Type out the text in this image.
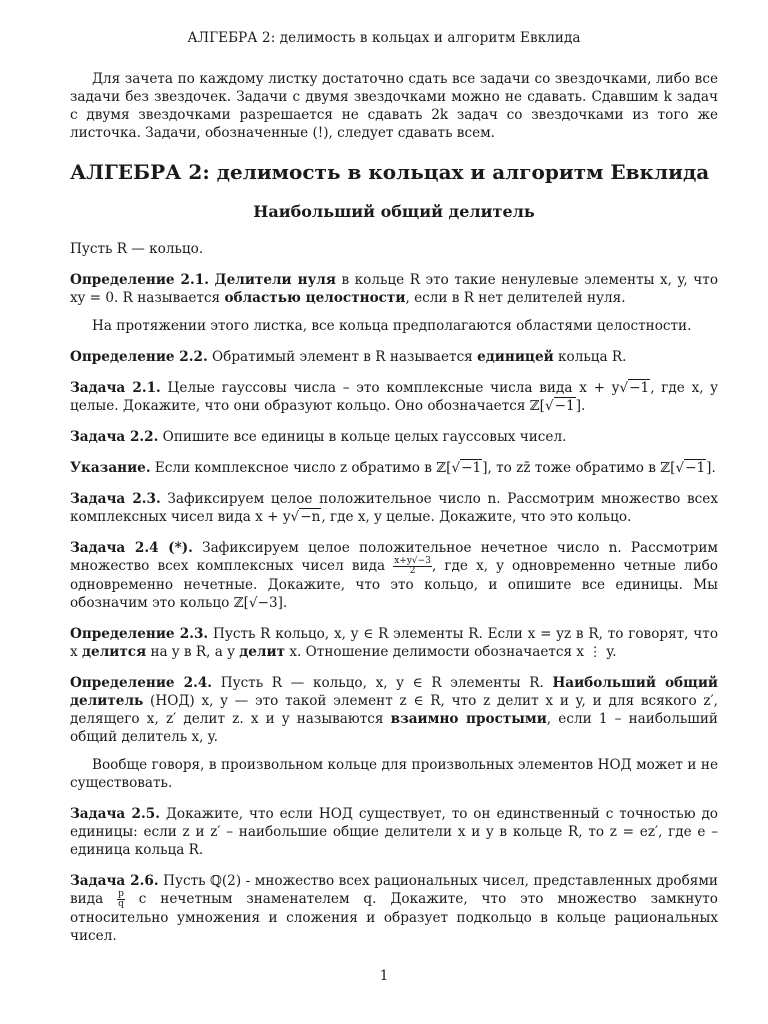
АЛГЕБРА 2: делимость в кольцах и алгоритм Евклида

Для зачета по каждому листку достаточно сдать все задачи со звездочками, либо все задачи без звездочек. Задачи с двумя звездочками можно не сдавать. Сдавшим k задач с двумя звездочками разрешается не сдавать 2k задач со звездочками из того же листочка. Задачи, обозначенные (!), следует сдавать всем.

АЛГЕБРА 2: делимость в кольцах и алгоритм Евклида
Наибольший общий делитель

Пусть R — кольцо.

Определение 2.1. Делители нуля в кольце R это такие ненулевые элементы x, y, что xy = 0. R называется областью целостности, если в R нет делителей нуля.

На протяжении этого листка, все кольца предполагаются областями целостности.

Определение 2.2. Обратимый элемент в R называется единицей кольца R.

Задача 2.1. Целые гауссовы числа – это комплексные числа вида x + y√−1, где x, y целые. Докажите, что они образуют кольцо. Оно обозначается ℤ[√−1].

Задача 2.2. Опишите все единицы в кольце целых гауссовых чисел.

Указание. Если комплексное число z обратимо в ℤ[√−1], то zz̄ тоже обратимо в ℤ[√−1].

Задача 2.3. Зафиксируем целое положительное число n. Рассмотрим множество всех комплексных чисел вида x + y√−n, где x, y целые. Докажите, что это кольцо.

Задача 2.4 (*). Зафиксируем целое положительное нечетное число n. Рассмотрим множество всех комплексных чисел вида $\frac{x+y√-3}{2}$ , где x, y одновременно четные либо одновременно нечетные. Докажите, что это кольцо, и опишите все единицы. Мы обозначим это кольцо ℤ[√−3].

Определение 2.3. Пусть R кольцо, x, y ∈ R элементы R. Если x = yz в R, то говорят, что x делится на y в R, а y делит x. Отношение делимости обозначается x ⋮ y.

Определение 2.4. Пусть R — кольцо, x, y ∈ R элементы R. Наибольший общий делитель (НОД) x, y — это такой элемент z ∈ R, что z делит x и y, и для всякого z′, делящего x, z′ делит z. x и y называются взаимно простыми, если 1 – наибольший общий делитель x, y.

Вообще говоря, в произвольном кольце для произвольных элементов НОД может и не существовать.

Задача 2.5. Докажите, что если НОД существует, то он единственный с точностью до единицы: если z и z′ – наибольшие общие делители x и y в кольце R, то z = ez′, где e – единица кольца R.

Задача 2.6. Пусть ℚ(2) - множество всех рациональных чисел, представленных дробями вида $\frac{p}{q}$ с нечетным знаменателем q. Докажите, что это множество замкнуто относительно умножения и сложения и образует подкольцо в кольце рациональных чисел.

1
